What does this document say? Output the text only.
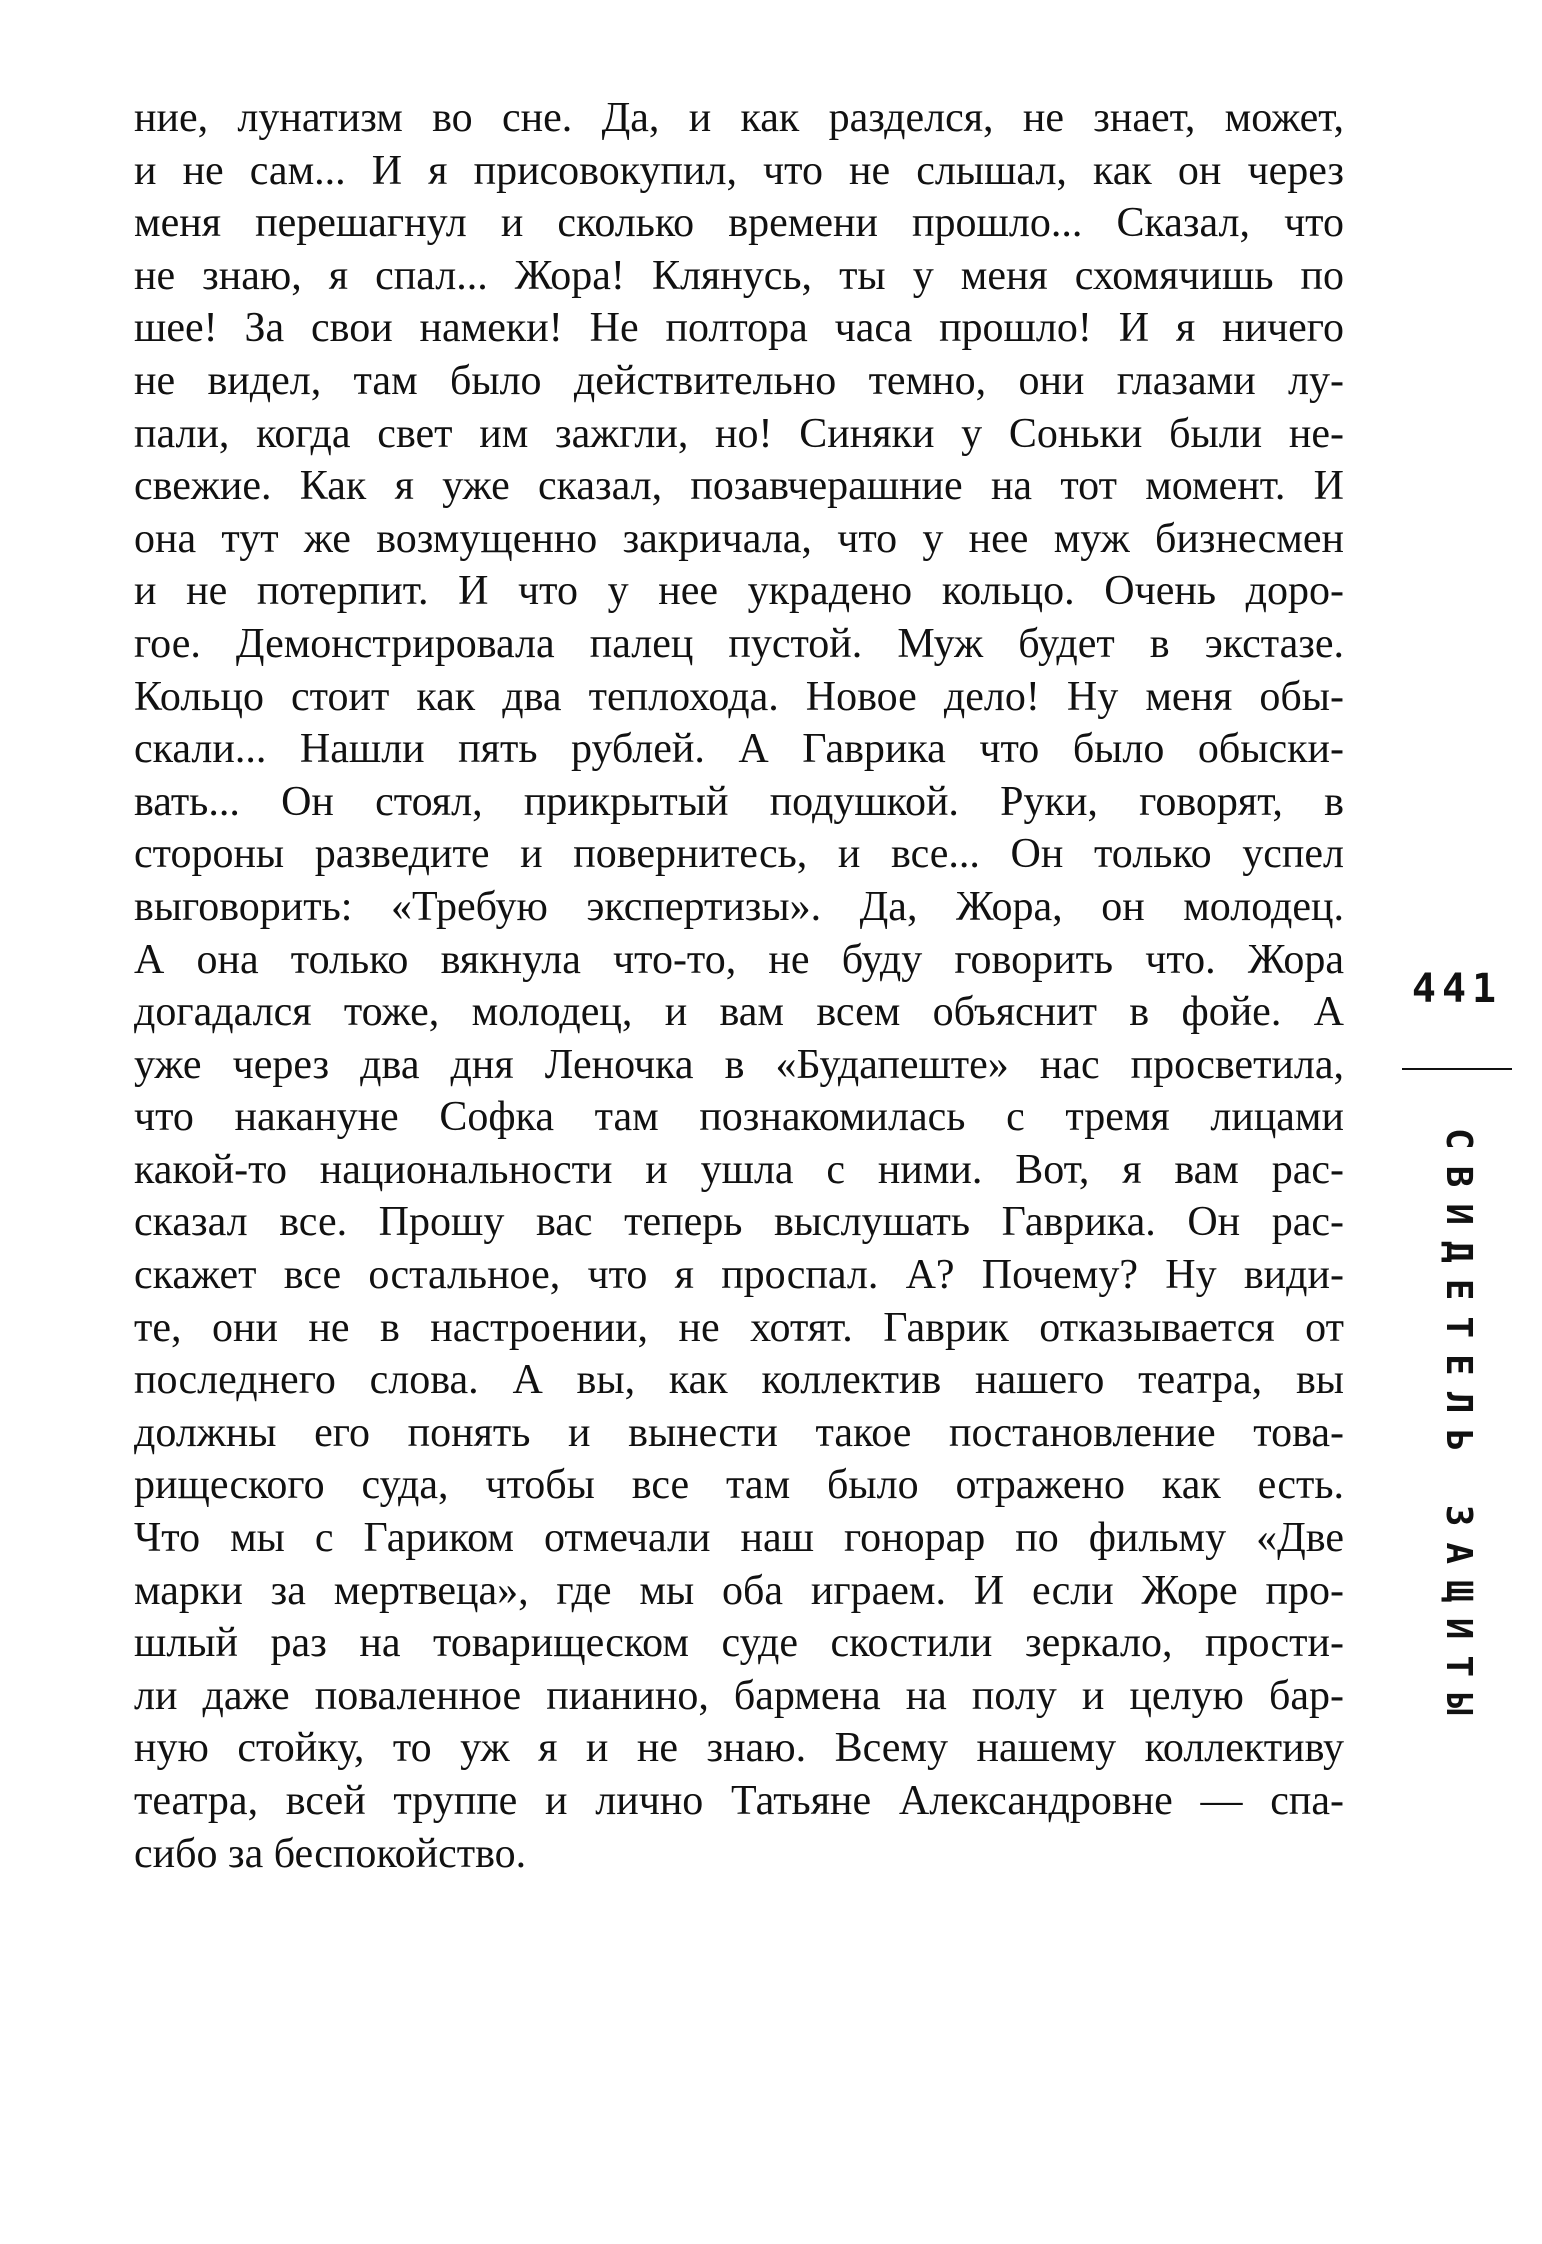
ние, лунатизм во сне. Да, и как разделся, не знает, может,
и не сам... И я присовокупил, что не слышал, как он через
меня перешагнул и сколько времени прошло... Сказал, что
не знаю, я спал... Жора! Клянусь, ты у меня схомячишь по
шее! За свои намеки! Не полтора часа прошло! И я ничего
не видел, там было действительно темно, они глазами лу-
пали, когда свет им зажгли, но! Синяки у Соньки были не-
свежие. Как я уже сказал, позавчерашние на тот момент. И
она тут же возмущенно закричала, что у нее муж бизнесмен
и не потерпит. И что у нее украдено кольцо. Очень доро-
гое. Демонстрировала палец пустой. Муж будет в экстазе.
Кольцо стоит как два теплохода. Новое дело! Ну меня обы-
скали... Нашли пять рублей. А Гаврика что было обыски-
вать... Он стоял, прикрытый подушкой. Руки, говорят, в
стороны разведите и повернитесь, и все... Он только успел
выговорить: «Требую экспертизы». Да, Жора, он молодец.
А она только вякнула что-то, не буду говорить что. Жора
догадался тоже, молодец, и вам всем объяснит в фойе. А
уже через два дня Леночка в «Будапеште» нас просветила,
что накануне Софка там познакомилась с тремя лицами
какой-то национальности и ушла с ними. Вот, я вам рас-
сказал все. Прошу вас теперь выслушать Гаврика. Он рас-
скажет все остальное, что я проспал. А? Почему? Ну види-
те, они не в настроении, не хотят. Гаврик отказывается от
последнего слова. А вы, как коллектив нашего театра, вы
должны его понять и вынести такое постановление това-
рищеского суда, чтобы все там было отражено как есть.
Что мы с Гариком отмечали наш гонорар по фильму «Две
марки за мертвеца», где мы оба играем. И если Жоре про-
шлый раз на товарищеском суде скостили зеркало, прости-
ли даже поваленное пианино, бармена на полу и целую бар-
ную стойку, то уж я и не знаю. Всему нашему коллективу
театра, всей труппе и лично Татьяне Александровне — спа-
сибо за беспокойство.
441
СВИДЕТЕЛЬ ЗАЩИТЫ
